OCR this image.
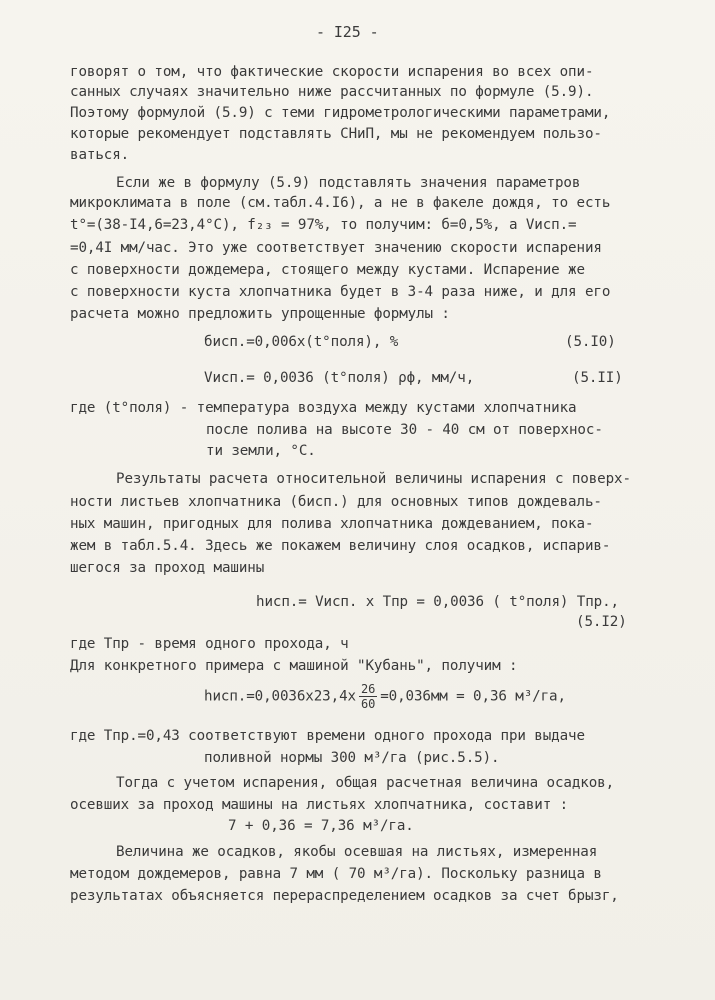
- I25 -
говорят о том, что фактические скорости испарения во всех опи-
санных случаях значительно ниже рассчитанных по формуле (5.9).
Поэтому формулой (5.9) с теми гидрометрологическими параметрами,
которые рекомендует подставлять СНиП, мы не рекомендуем пользо-
ваться.
Если же в формулу (5.9) подставлять значения параметров
микроклимата в поле (см.табл.4.I6), а не в факеле дождя, то есть
t°=(38-I4,6=23,4°С), f₂₃ = 97%, то получим: б=0,5%, а Vисп.=
=0,4I мм/час. Это уже соответствует значению скорости испарения
с поверхности дождемера, стоящего между кустами. Испарение же
с поверхности куста хлопчатника будет в 3-4 раза ниже, и для его
расчета можно предложить упрощенные формулы :
бисп.=0,006х(t°поля), %	(5.I0)
Vисп.= 0,0036 (t°поля) ρф, мм/ч,	(5.II)
где (t°поля) - температура воздуха между кустами хлопчатника
после полива на высоте 30 - 40 см от поверхнос-
ти земли, °С.
Результаты расчета относительной величины испарения с поверх-
ности листьев хлопчатника (бисп.) для основных типов дождеваль-
ных машин, пригодных для полива хлопчатника дождеванием, пока-
жем в табл.5.4. Здесь же покажем величину слоя осадков, испарив-
шегося за проход машины
hисп.= Vисп. х Тпр = 0,0036 ( t°поля) Тпр.,
(5.I2)
где Тпр - время одного прохода, ч
Для конкретного примера с машиной "Кубань", получим :
hисп.=0,0036х23,4х $\frac{26}{60} =0,036мм = 0,36$ м³/га,
где Тпр.=0,43 соответствуют времени одного прохода при выдаче
поливной нормы 300 м³/га (рис.5.5).
Тогда с учетом испарения, общая расчетная величина осадков,
осевших за проход машины на листьях хлопчатника, составит :
7 + 0,36 = 7,36 м³/га.
Величина же осадков, якобы осевшая на листьях, измеренная
методом дождемеров, равна 7 мм ( 70 м³/га). Поскольку разница в
результатах объясняется перераспределением осадков за счет брызг,
